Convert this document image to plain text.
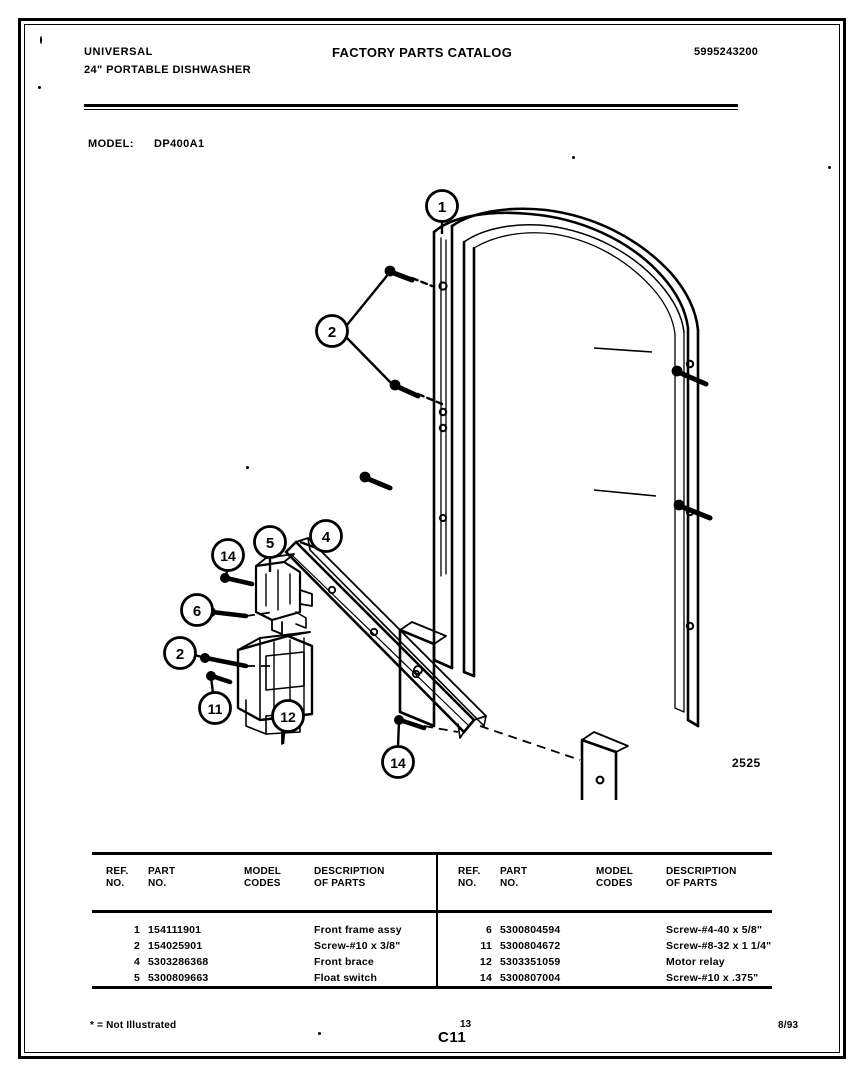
UNIVERSAL
24" PORTABLE DISHWASHER
FACTORY PARTS CATALOG	5995243200
MODEL: DP400A1
1
2
14
5	4
6
2
11	12
14	2525
REF.
NO.
PART
NO.
MODEL
CODES
DESCRIPTION
OF PARTS
1 154111901	Front frame assy
2 154025901	Screw-#10 x 3/8"
4 5303286368	Front brace
5 5300809663	Float switch
REF.
NO.
PART
NO.
MODEL
CODES
DESCRIPTION
OF PARTS
6 5300804594	Screw-#4-40 x 5/8"
11 5300804672	Screw-#8-32 x 1 1/4"
12 5303351059	Motor relay
14 5300807004	Screw-#10 x .375"
* = Not Illustrated	13
C11
8/93
